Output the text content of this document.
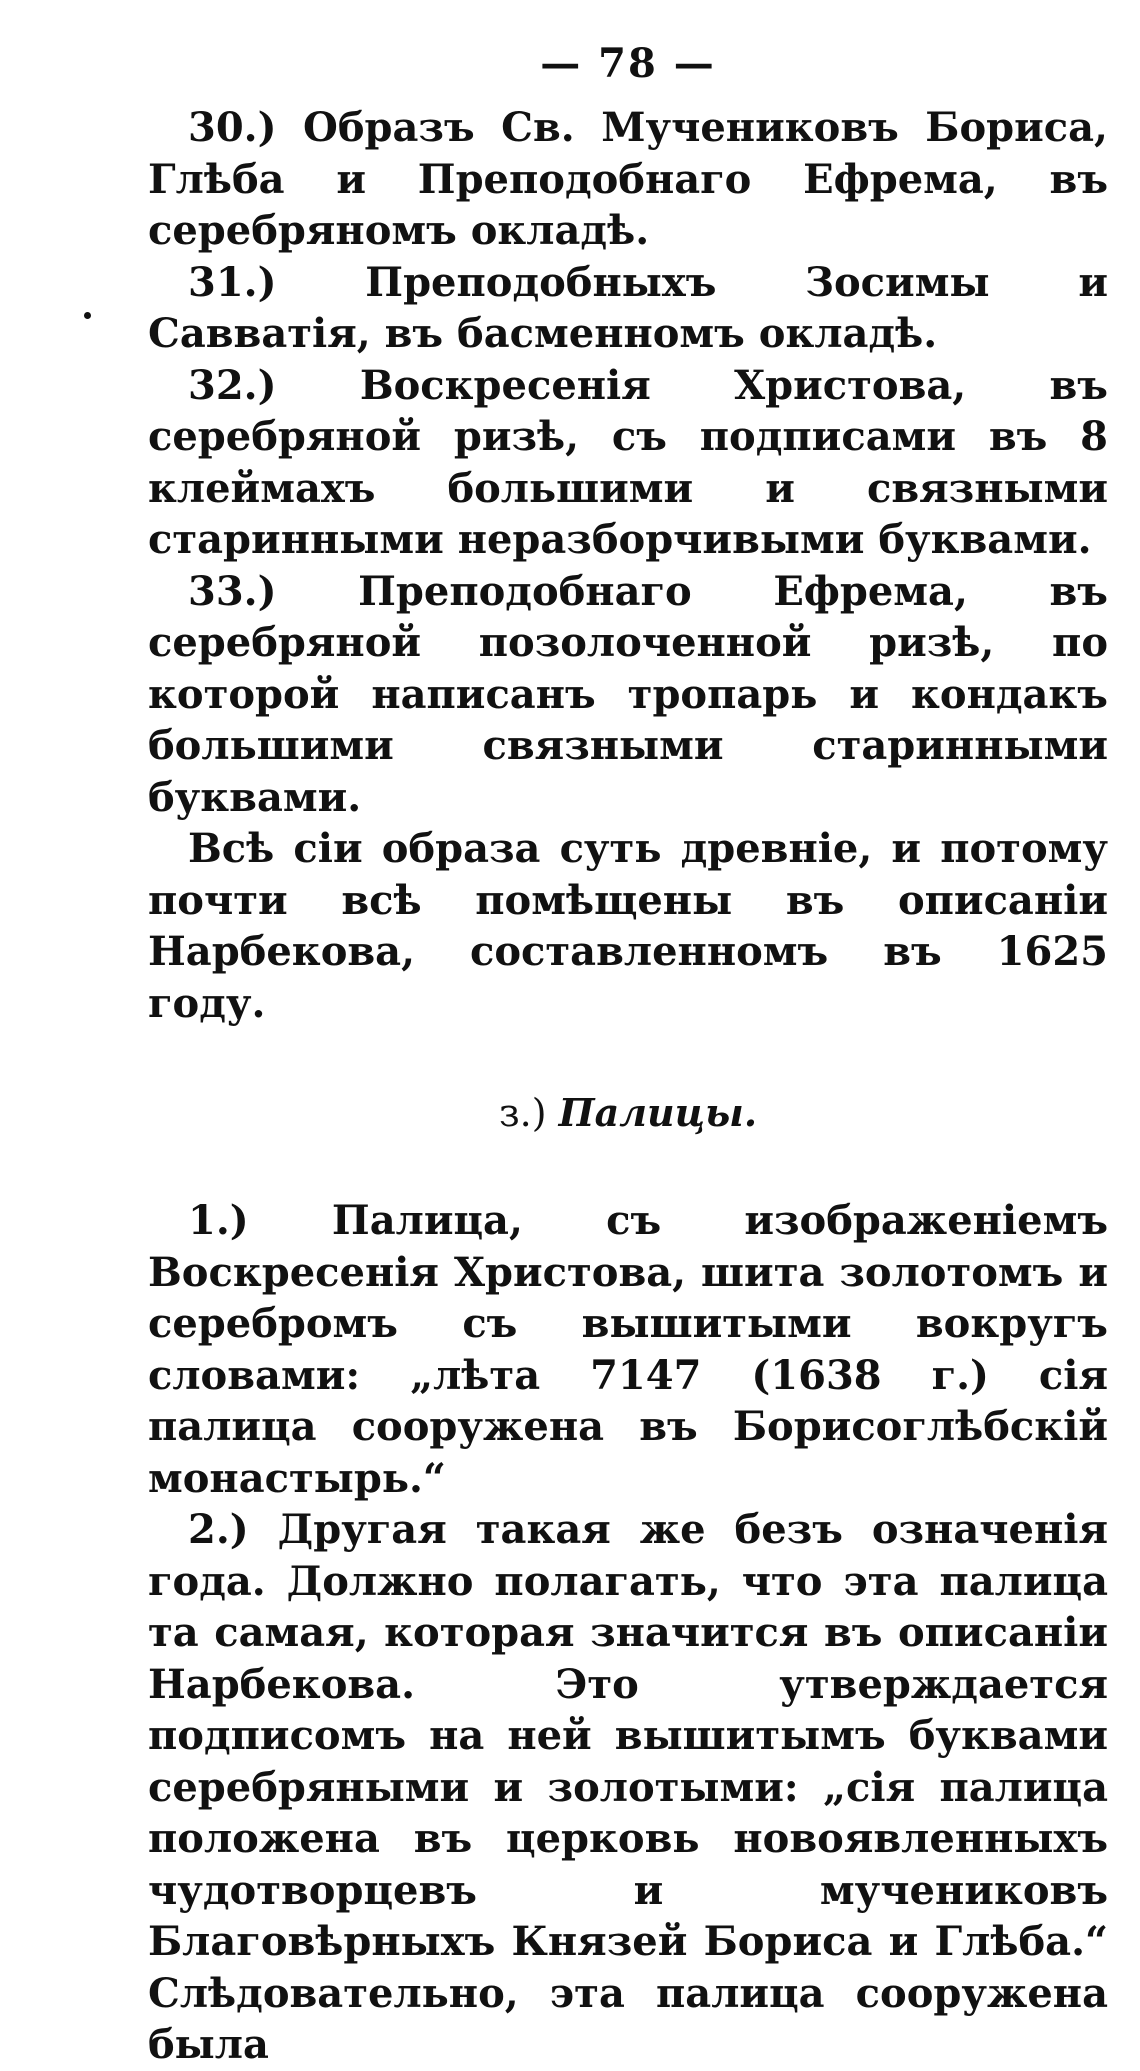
— 78 —

30.) Образъ Св. Мучениковъ Бориса, Глѣба и Преподобнаго Ефрема, въ серебряномъ окладѣ.

31.) Преподобныхъ Зосимы и Савватія, въ басменномъ окладѣ.

32.) Воскресенія Христова, въ серебряной ризѣ, съ подписами въ 8 клеймахъ большими и связными старинными неразборчивыми буквами.

33.) Преподобнаго Ефрема, въ серебряной позолоченной ризѣ, по которой написанъ тропарь и кондакъ большими связными старинными буквами.

Всѣ сіи образа суть древніе, и потому почти всѣ помѣщены въ описаніи Нарбекова, составленномъ въ 1625 году.

з.) Палицы.

1.) Палица, съ изображеніемъ Воскресенія Христова, шита золотомъ и серебромъ съ вышитыми вокругъ словами: „лѣта 7147 (1638 г.) сія палица сооружена въ Борисоглѣбскій монастырь.“

2.) Другая такая же безъ означенія года. Должно полагать, что эта палица та самая, которая значится въ описаніи Нарбекова. Это утверждается подписомъ на ней вышитымъ буквами серебряными и золотыми: „сія палица положена въ церковь новоявленныхъ чудотворцевъ и мучениковъ Благовѣрныхъ Князей Бориса и Глѣба.“ Слѣдовательно, эта палица сооружена была
